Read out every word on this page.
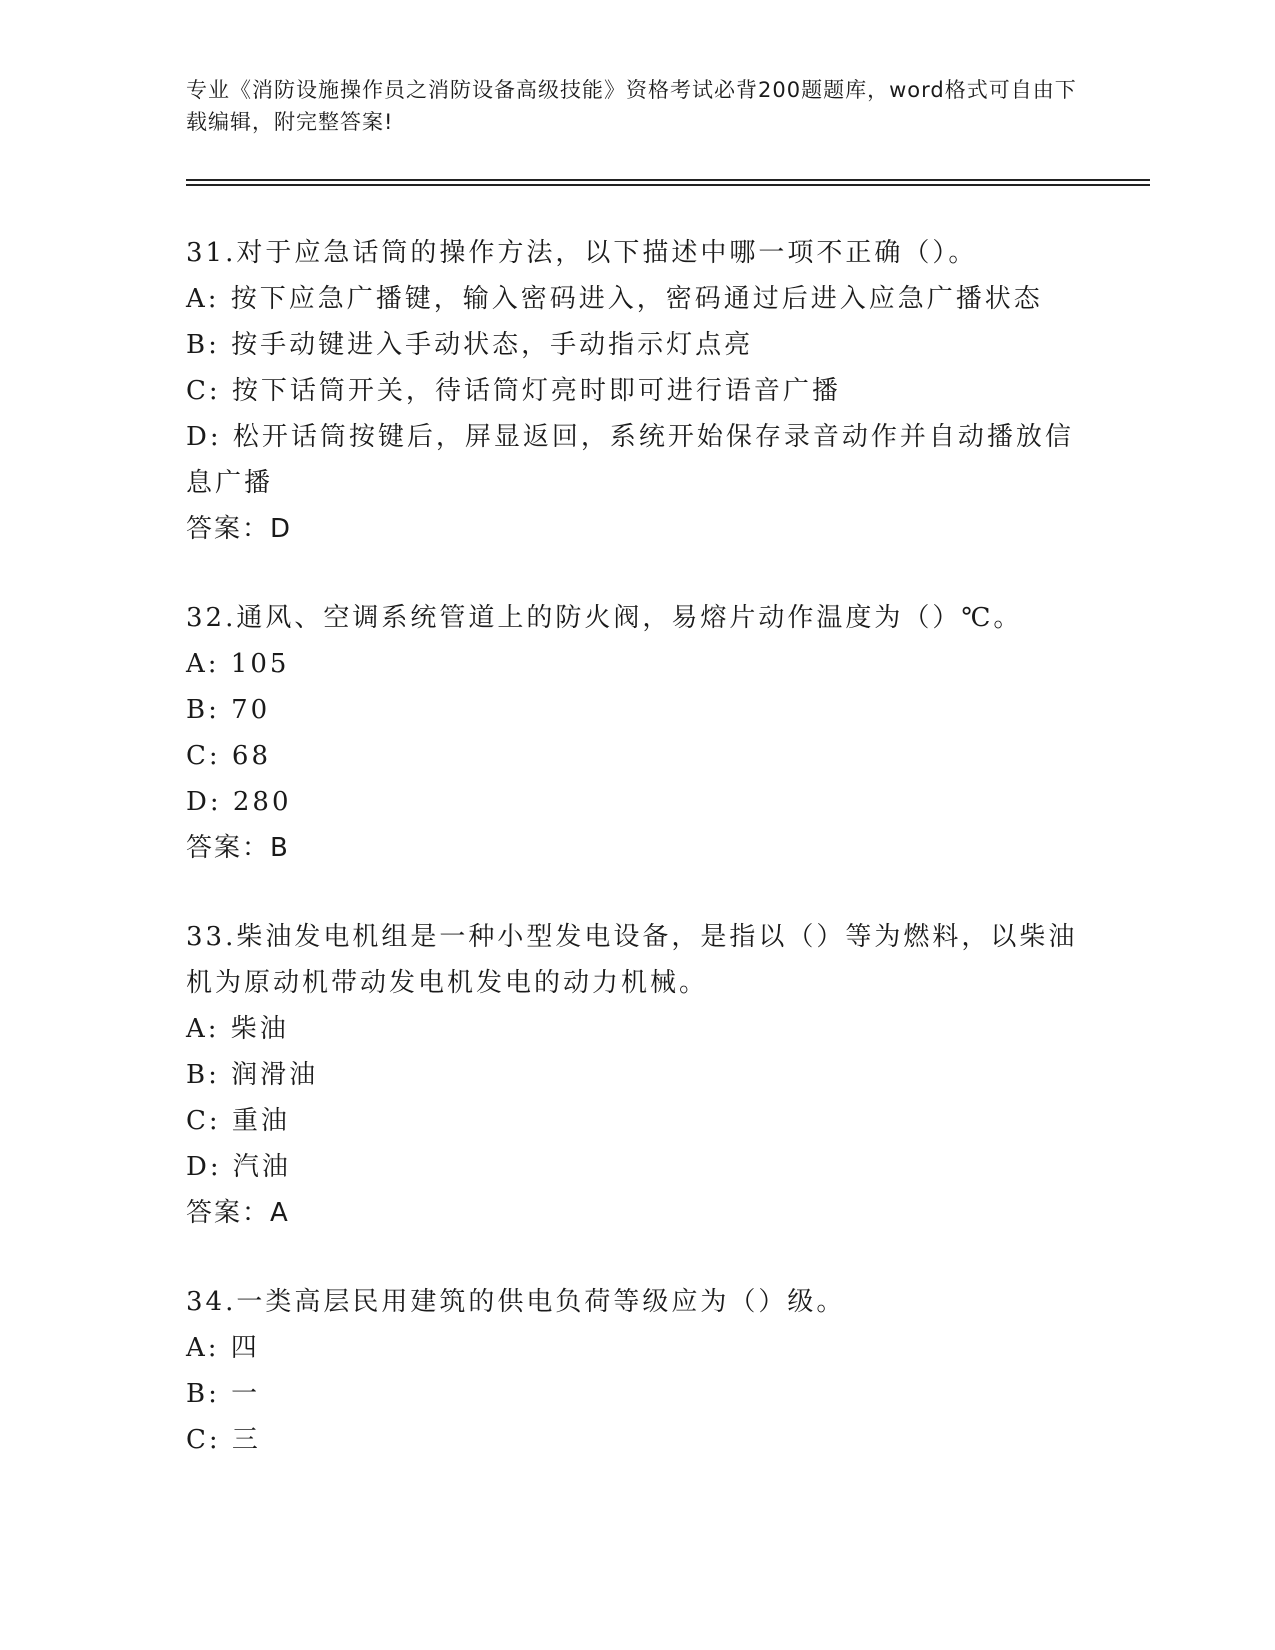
专业《消防设施操作员之消防设备高级技能》资格考试必背200题题库，word格式可自由下载编辑，附完整答案!
31.对于应急话筒的操作方法，以下描述中哪一项不正确（）。
A: 按下应急广播键，输入密码进入，密码通过后进入应急广播状态
B: 按手动键进入手动状态，手动指示灯点亮
C: 按下话筒开关，待话筒灯亮时即可进行语音广播
D: 松开话筒按键后，屏显返回，系统开始保存录音动作并自动播放信息广播
答案：D
32.通风、空调系统管道上的防火阀，易熔片动作温度为（）℃。
A: 105
B: 70
C: 68
D: 280
答案：B
33.柴油发电机组是一种小型发电设备，是指以（）等为燃料，以柴油机为原动机带动发电机发电的动力机械。
A: 柴油
B: 润滑油
C: 重油
D: 汽油
答案：A
34.一类高层民用建筑的供电负荷等级应为（）级。
A: 四
B: 一
C: 三
